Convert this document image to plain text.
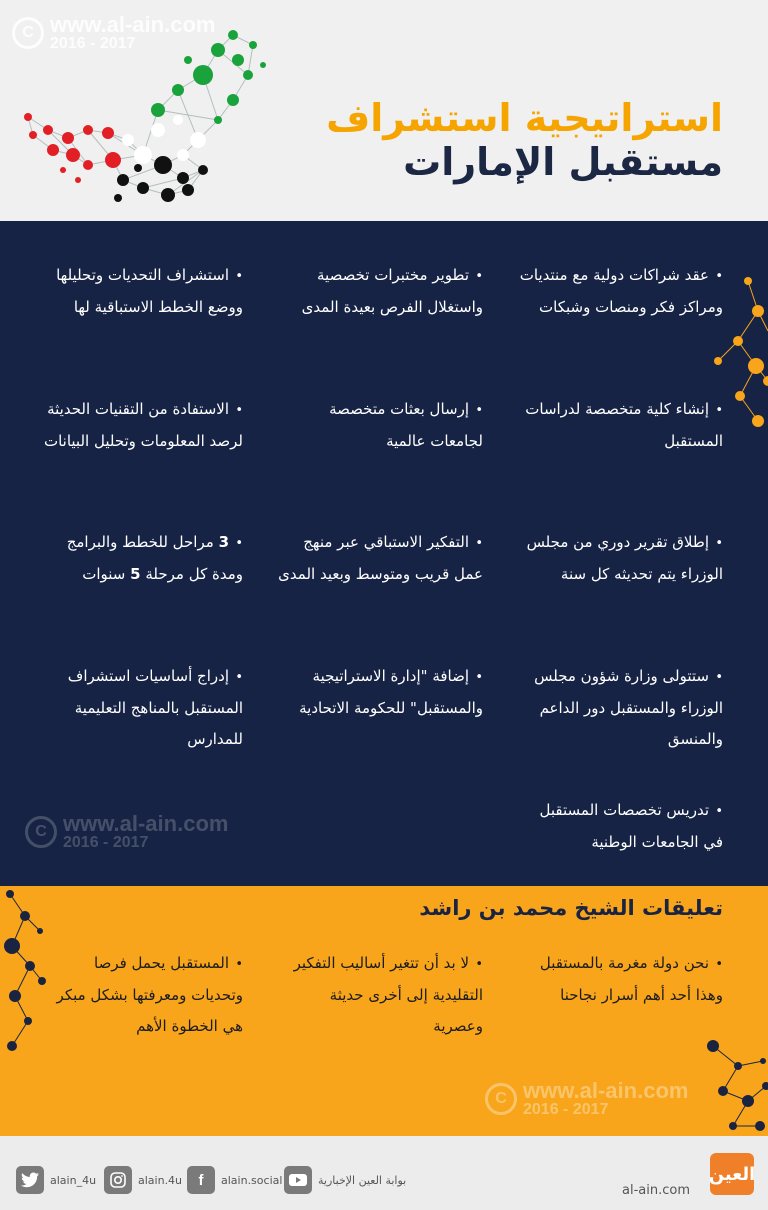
C www.al-ain.com
2016 - 2017
استراتيجية استشراف
مستقبل الإمارات
C www.al-ain.com
2016 - 2017
•عقد شراكات دولية مع منتديات ومراكز فكر ومنصات وشبكات
•تطوير مختبرات تخصصية واستغلال الفرص بعيدة المدى
•استشراف التحديات وتحليلها ووضع الخطط الاستباقية لها
•إنشاء كلية متخصصة لدراسات المستقبل
•إرسال بعثات متخصصة لجامعات عالمية
•الاستفادة من التقنيات الحديثة لرصد المعلومات وتحليل البيانات
•إطلاق تقرير دوري من مجلس الوزراء يتم تحديثه كل سنة
•التفكير الاستباقي عبر منهج عمل قريب ومتوسط وبعيد المدى
•3 مراحل للخطط والبرامج ومدة كل مرحلة 5 سنوات
•ستتولى وزارة شؤون مجلس الوزراء والمستقبل دور الداعم والمنسق
•إضافة "إدارة الاستراتيجية والمستقبل" للحكومة الاتحادية
•إدراج أساسيات استشراف المستقبل بالمناهج التعليمية للمدارس
•تدريس تخصصات المستقبل في الجامعات الوطنية
تعليقات الشيخ محمد بن راشد
•نحن دولة مغرمة بالمستقبل وهذا أحد أهم أسرار نجاحنا
•لا بد أن تتغير أساليب التفكير التقليدية إلى أخرى حديثة وعصرية
•المستقبل يحمل فرصا وتحديات ومعرفتها بشكل مبكر هي الخطوة الأهم
C www.al-ain.com
2016 - 2017
alain_4u	alain.4u	f	alain.social	بوابة العين الإخبارية
al-ain.com
العين
